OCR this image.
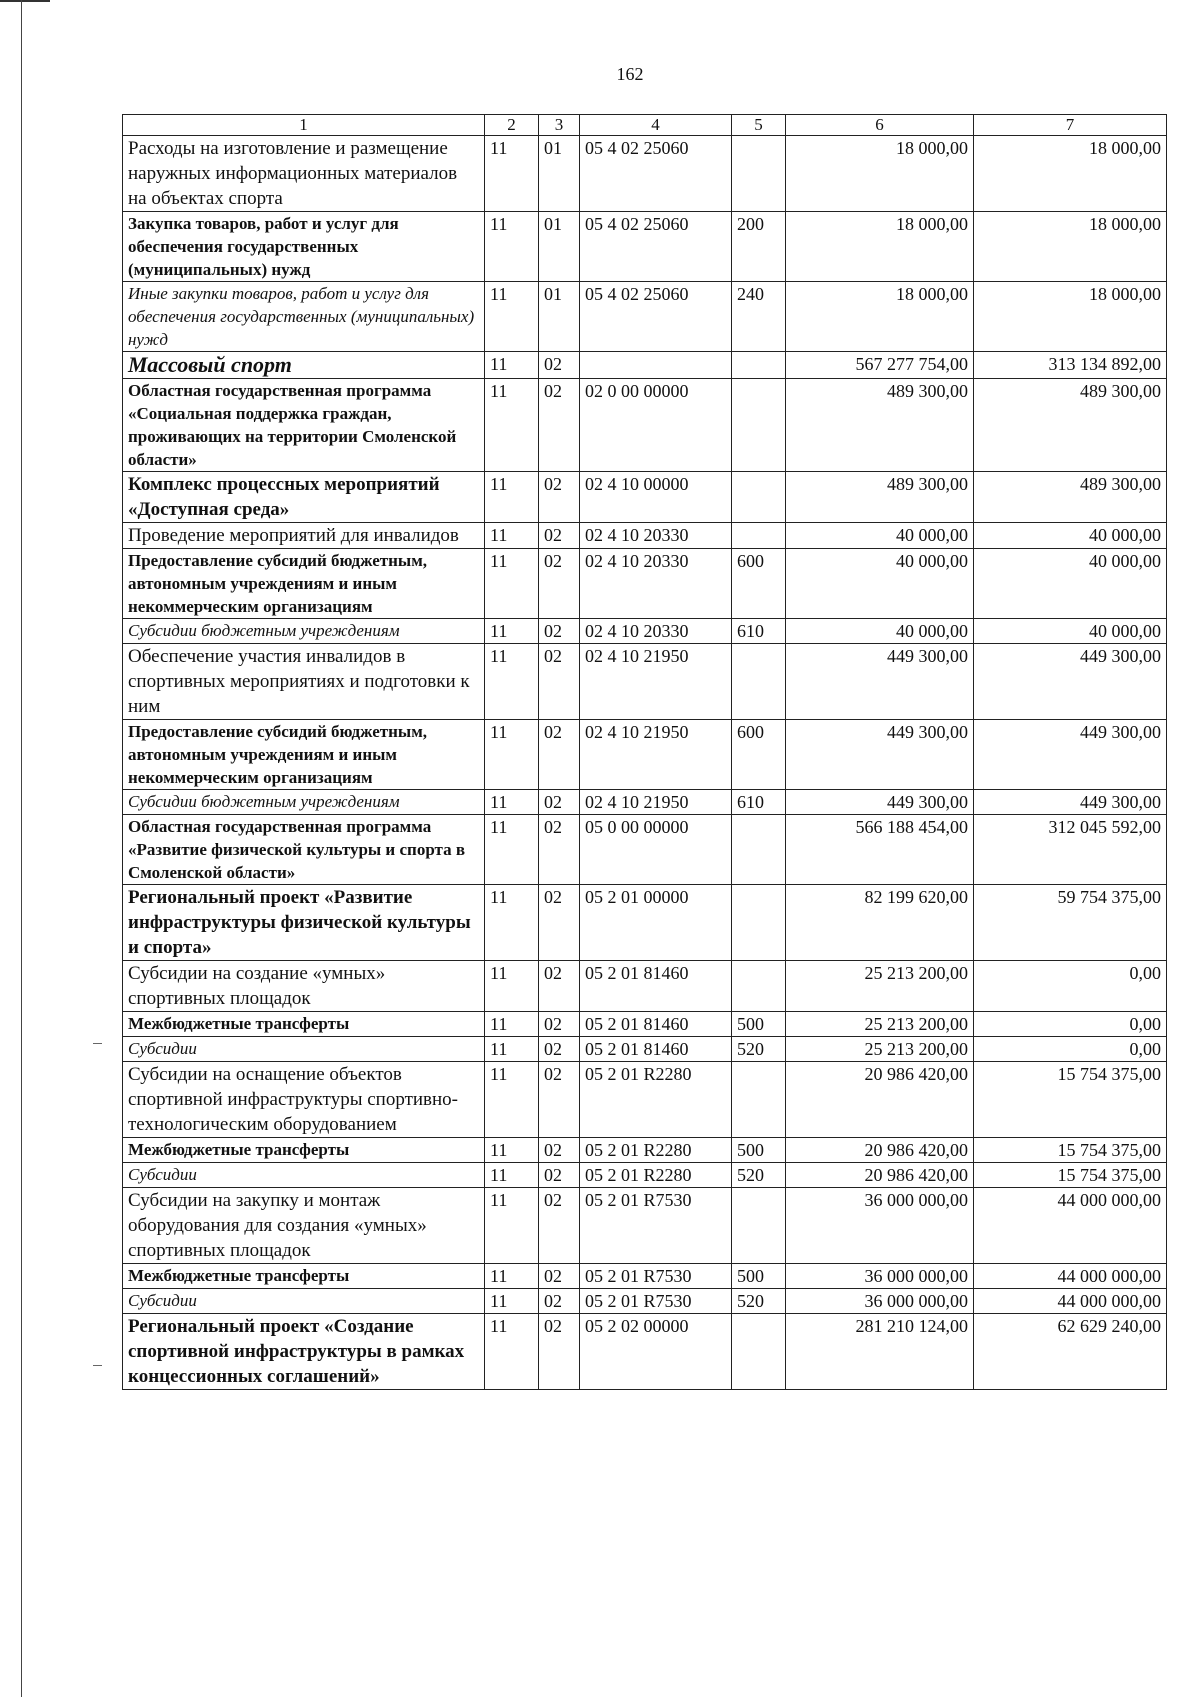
162
1	2	3	4	5	6	7
Расходы на изготовление и размещение наружных информационных материалов на объектах спорта	11	01	05 4 02 25060		18 000,00	18 000,00
Закупка товаров, работ и услуг для обеспечения государственных (муниципальных) нужд	11	01	05 4 02 25060	200	18 000,00	18 000,00
Иные закупки товаров, работ и услуг для обеспечения государственных (муниципальных) нужд	11	01	05 4 02 25060	240	18 000,00	18 000,00
Массовый спорт	11	02			567 277 754,00	313 134 892,00
Областная государственная программа «Социальная поддержка граждан, проживающих на территории Смоленской области»	11	02	02 0 00 00000		489 300,00	489 300,00
Комплекс процессных мероприятий «Доступная среда»	11	02	02 4 10 00000		489 300,00	489 300,00
Проведение мероприятий для инвалидов	11	02	02 4 10 20330		40 000,00	40 000,00
Предоставление субсидий бюджетным, автономным учреждениям и иным некоммерческим организациям	11	02	02 4 10 20330	600	40 000,00	40 000,00
Субсидии бюджетным учреждениям	11	02	02 4 10 20330	610	40 000,00	40 000,00
Обеспечение участия инвалидов в спортивных мероприятиях и подготовки к ним	11	02	02 4 10 21950		449 300,00	449 300,00
Предоставление субсидий бюджетным, автономным учреждениям и иным некоммерческим организациям	11	02	02 4 10 21950	600	449 300,00	449 300,00
Субсидии бюджетным учреждениям	11	02	02 4 10 21950	610	449 300,00	449 300,00
Областная государственная программа «Развитие физической культуры и спорта в Смоленской области»	11	02	05 0 00 00000		566 188 454,00	312 045 592,00
Региональный проект «Развитие инфраструктуры физической культуры и спорта»	11	02	05 2 01 00000		82 199 620,00	59 754 375,00
Субсидии на создание «умных» спортивных площадок	11	02	05 2 01 81460		25 213 200,00	0,00
Межбюджетные трансферты	11	02	05 2 01 81460	500	25 213 200,00	0,00
Субсидии	11	02	05 2 01 81460	520	25 213 200,00	0,00
Субсидии на оснащение объектов спортивной инфраструктуры спортивно-технологическим оборудованием	11	02	05 2 01 R2280		20 986 420,00	15 754 375,00
Межбюджетные трансферты	11	02	05 2 01 R2280	500	20 986 420,00	15 754 375,00
Субсидии	11	02	05 2 01 R2280	520	20 986 420,00	15 754 375,00
Субсидии на закупку и монтаж оборудования для создания «умных» спортивных площадок	11	02	05 2 01 R7530		36 000 000,00	44 000 000,00
Межбюджетные трансферты	11	02	05 2 01 R7530	500	36 000 000,00	44 000 000,00
Субсидии	11	02	05 2 01 R7530	520	36 000 000,00	44 000 000,00
Региональный проект «Создание спортивной инфраструктуры в рамках концессионных соглашений»	11	02	05 2 02 00000		281 210 124,00	62 629 240,00
